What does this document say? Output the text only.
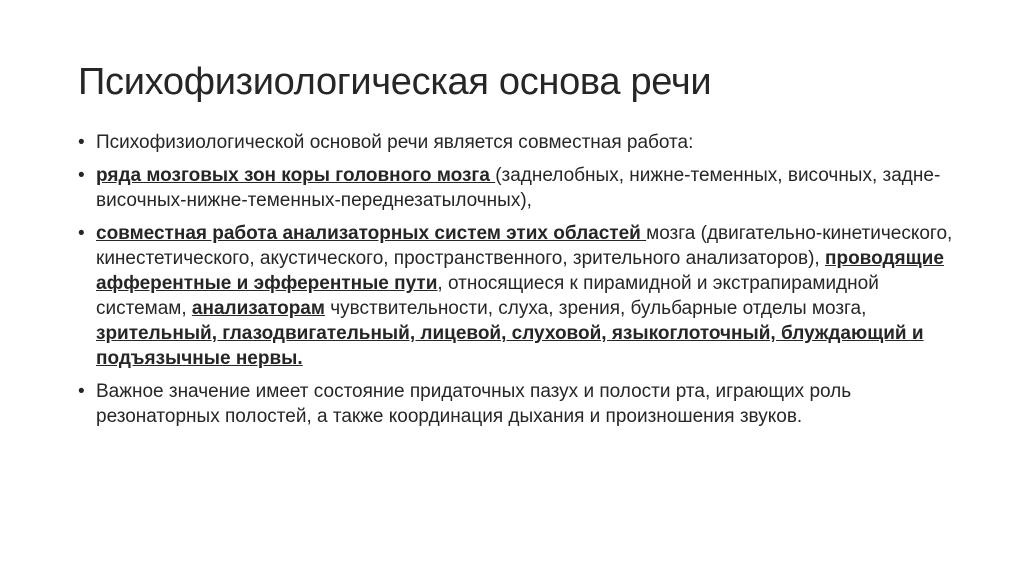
Психофизиологическая основа речи
• Психофизиологической основой речи является совместная работа:
• ряда мозговых зон коры головного мозга (заднелобных, нижне-теменных, височных, задне-височных-нижне-теменных-переднезатылочных),
• совместная работа анализаторных систем этих областей мозга (двигательно-кинетического, кинестетического, акустического, пространственного, зрительного анализаторов), проводящие афферентные и эфферентные пути, относящиеся к пирамидной и экстрапирамидной системам, анализаторам чувствительности, слуха, зрения, бульбарные отделы мозга, зрительный, глазодвигательный, лицевой, слуховой, языкоглоточный, блуждающий и подъязычные нервы.
• Важное значение имеет состояние придаточных пазух и полости рта, играющих роль резонаторных полостей, а также координация дыхания и произношения звуков.
